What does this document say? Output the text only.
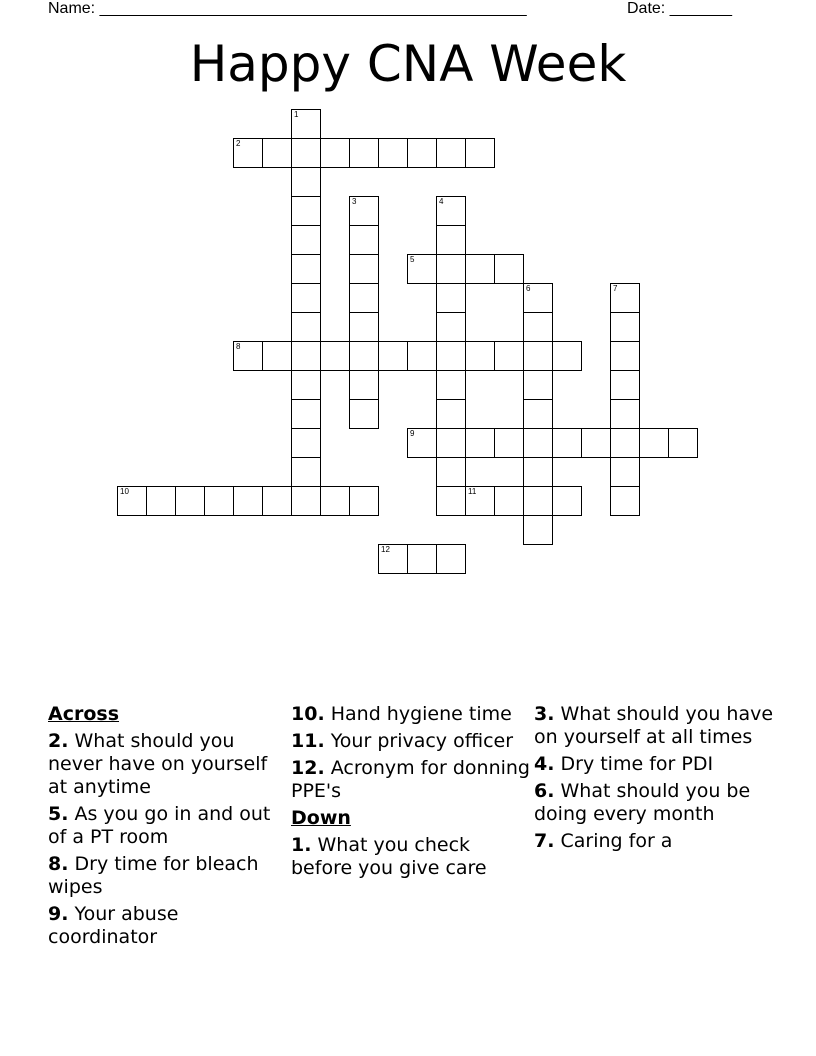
Name: ________________________________________________	Date: _______
Happy CNA Week
1
2
3	4
5
6	7
8
9
10	11
12
Across
2. What should you never have on yourself at anytime
5. As you go in and out of a PT room
8. Dry time for bleach wipes
9. Your abuse coordinator
10. Hand hygiene time
11. Your privacy officer
12. Acronym for donning PPE's
Down
1. What you check before you give care
3. What should you have on yourself at all times
4. Dry time for PDI
6. What should you be doing every month
7. Caring for a
